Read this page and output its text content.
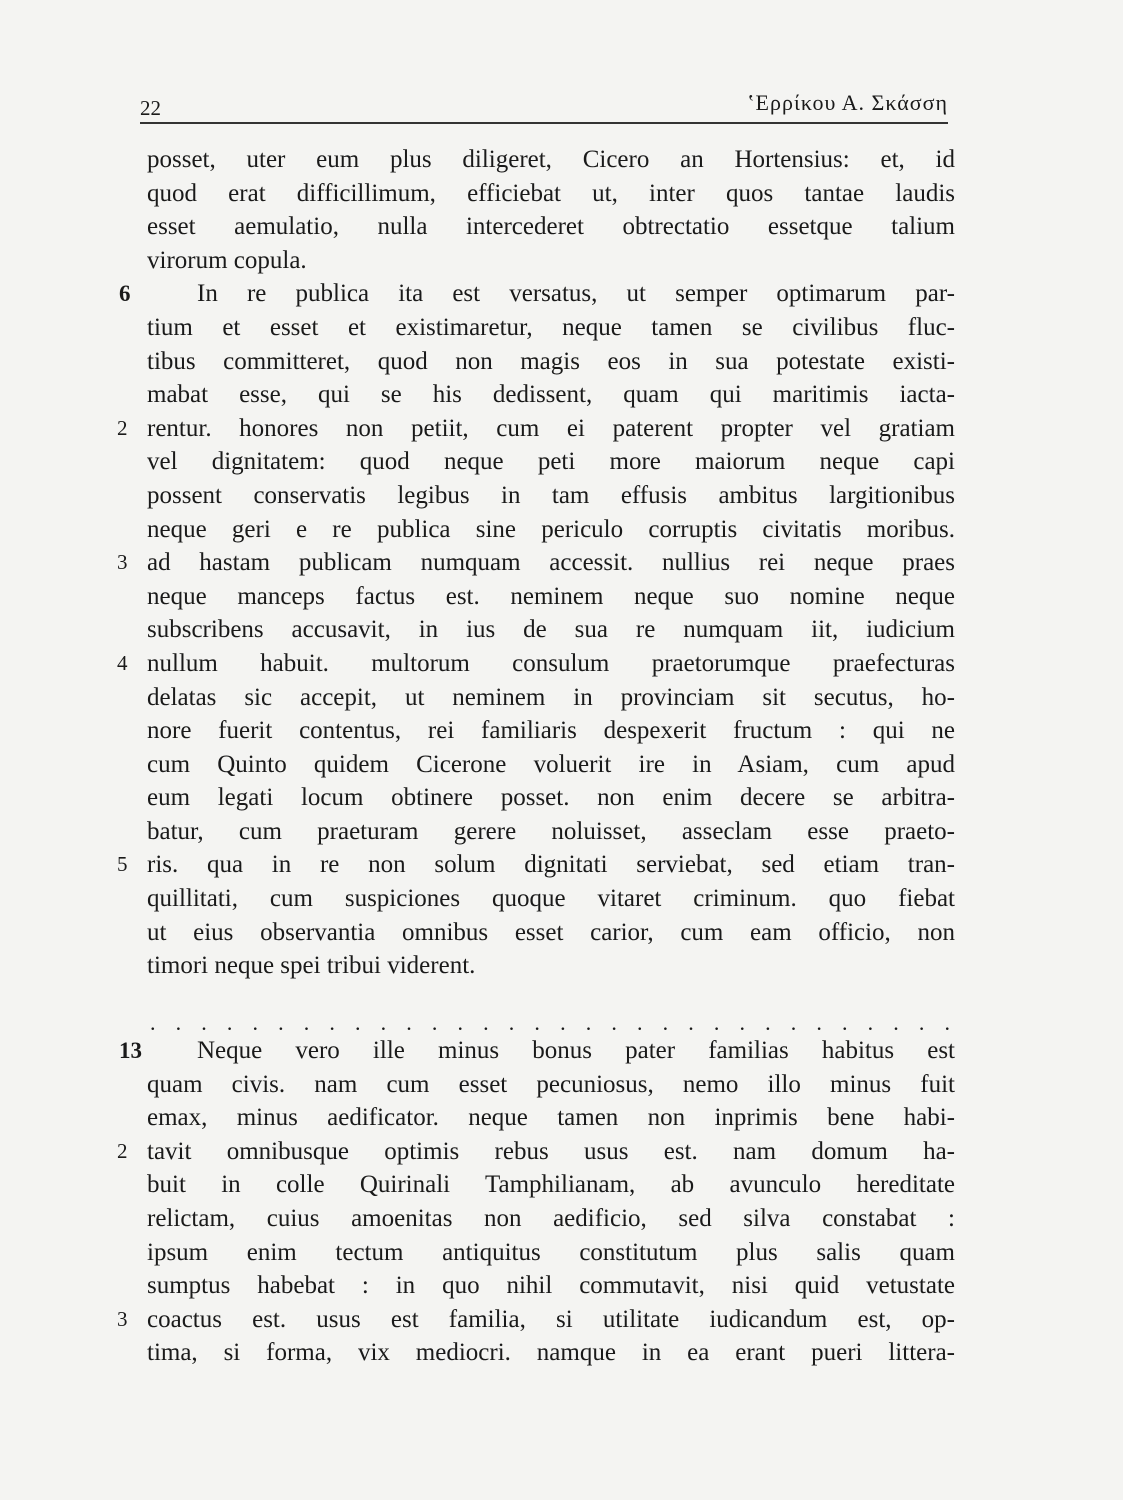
22	ʽΕρρίκου Α. Σκάσση
posset, uter eum plus diligeret, Cicero an Hortensius: et, id
quod erat difficillimum, efficiebat ut, inter quos tantae laudis
esset aemulatio, nulla intercederet obtrectatio essetque talium
virorum copula.
6	In re publica ita est versatus, ut semper optimarum par-
tium et esset et existimaretur, neque tamen se civilibus fluc-
tibus committeret, quod non magis eos in sua potestate existi-
mabat esse, qui se his dedissent, quam qui maritimis iacta-
2 rentur. honores non petiit, cum ei paterent propter vel gratiam
vel dignitatem: quod neque peti more maiorum neque capi
possent conservatis legibus in tam effusis ambitus largitionibus
neque geri e re publica sine periculo corruptis civitatis moribus.
3 ad hastam publicam numquam accessit. nullius rei neque praes
neque manceps factus est. neminem neque suo nomine neque
subscribens accusavit, in ius de sua re numquam iit, iudicium
4 nullum habuit. multorum consulum praetorumque praefecturas
delatas sic accepit, ut neminem in provinciam sit secutus, ho-
nore fuerit contentus, rei familiaris despexerit fructum : qui ne
cum Quinto quidem Cicerone voluerit ire in Asiam, cum apud
eum legati locum obtinere posset. non enim decere se arbitra-
batur, cum praeturam gerere noluisset, asseclam esse praeto-
5 ris. qua in re non solum dignitati serviebat, sed etiam tran-
quillitati, cum suspiciones quoque vitaret criminum. quo fiebat
ut eius observantia omnibus esset carior, cum eam officio, non
timori neque spei tribui viderent.
. . . . . . . . . . . . . . . . . . . . . . . . . . . . . . . .
13	Neque vero ille minus bonus pater familias habitus est
quam civis. nam cum esset pecuniosus, nemo illo minus fuit
emax, minus aedificator. neque tamen non inprimis bene habi-
2 tavit omnibusque optimis rebus usus est. nam domum ha-
buit in colle Quirinali Tamphilianam, ab avunculo hereditate
relictam, cuius amoenitas non aedificio, sed silva constabat :
ipsum enim tectum antiquitus constitutum plus salis quam
sumptus habebat : in quo nihil commutavit, nisi quid vetustate
3 coactus est. usus est familia, si utilitate iudicandum est, op-
tima, si forma, vix mediocri. namque in ea erant pueri littera-
